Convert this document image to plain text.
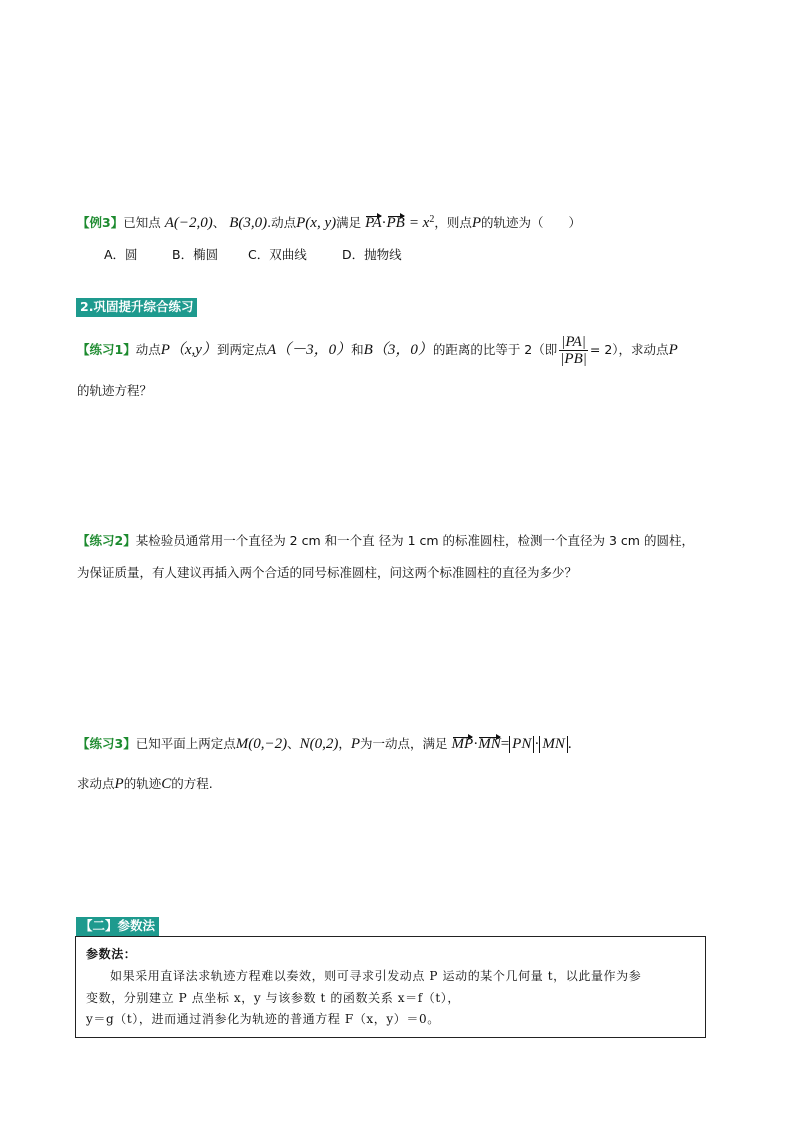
【例3】已知点 A(−2,0)、 B(3,0).动点P(x, y)满足 $PA\cdot PB = x^2$，则点P的轨迹为（　　）
A．圆	B．椭圆 C．双曲线	D．抛物线
2.巩固提升综合练习
【练习1】动点P（x,y）到两定点A（－3，0）和B（3，0）的距离的比等于 2（即 $\frac{|PA|}{|PB|} = 2$），求动点P
的轨迹方程？
【练习2】某检验员通常用一个直径为 2 cm 和一个直 径为 1 cm 的标准圆柱，检测一个直径为 3 cm 的圆柱，
为保证质量，有人建议再插入两个合适的同号标准圆柱，问这两个标准圆柱的直径为多少？
【练习3】已知平面上两定点M(0,−2)、N(0,2)，P为一动点，满足 MP·MN= PN · MN .
求动点P的轨迹C的方程.
【二】参数法
参数法：
如果采用直译法求轨迹方程难以奏效，则可寻求引发动点 P 运动的某个几何量 t，以此量作为参
变数，分别建立 P 点坐标 x，y 与该参数 t 的函数关系 x＝f（t），
y＝g（t），进而通过消参化为轨迹的普通方程 F（x，y）＝0。
